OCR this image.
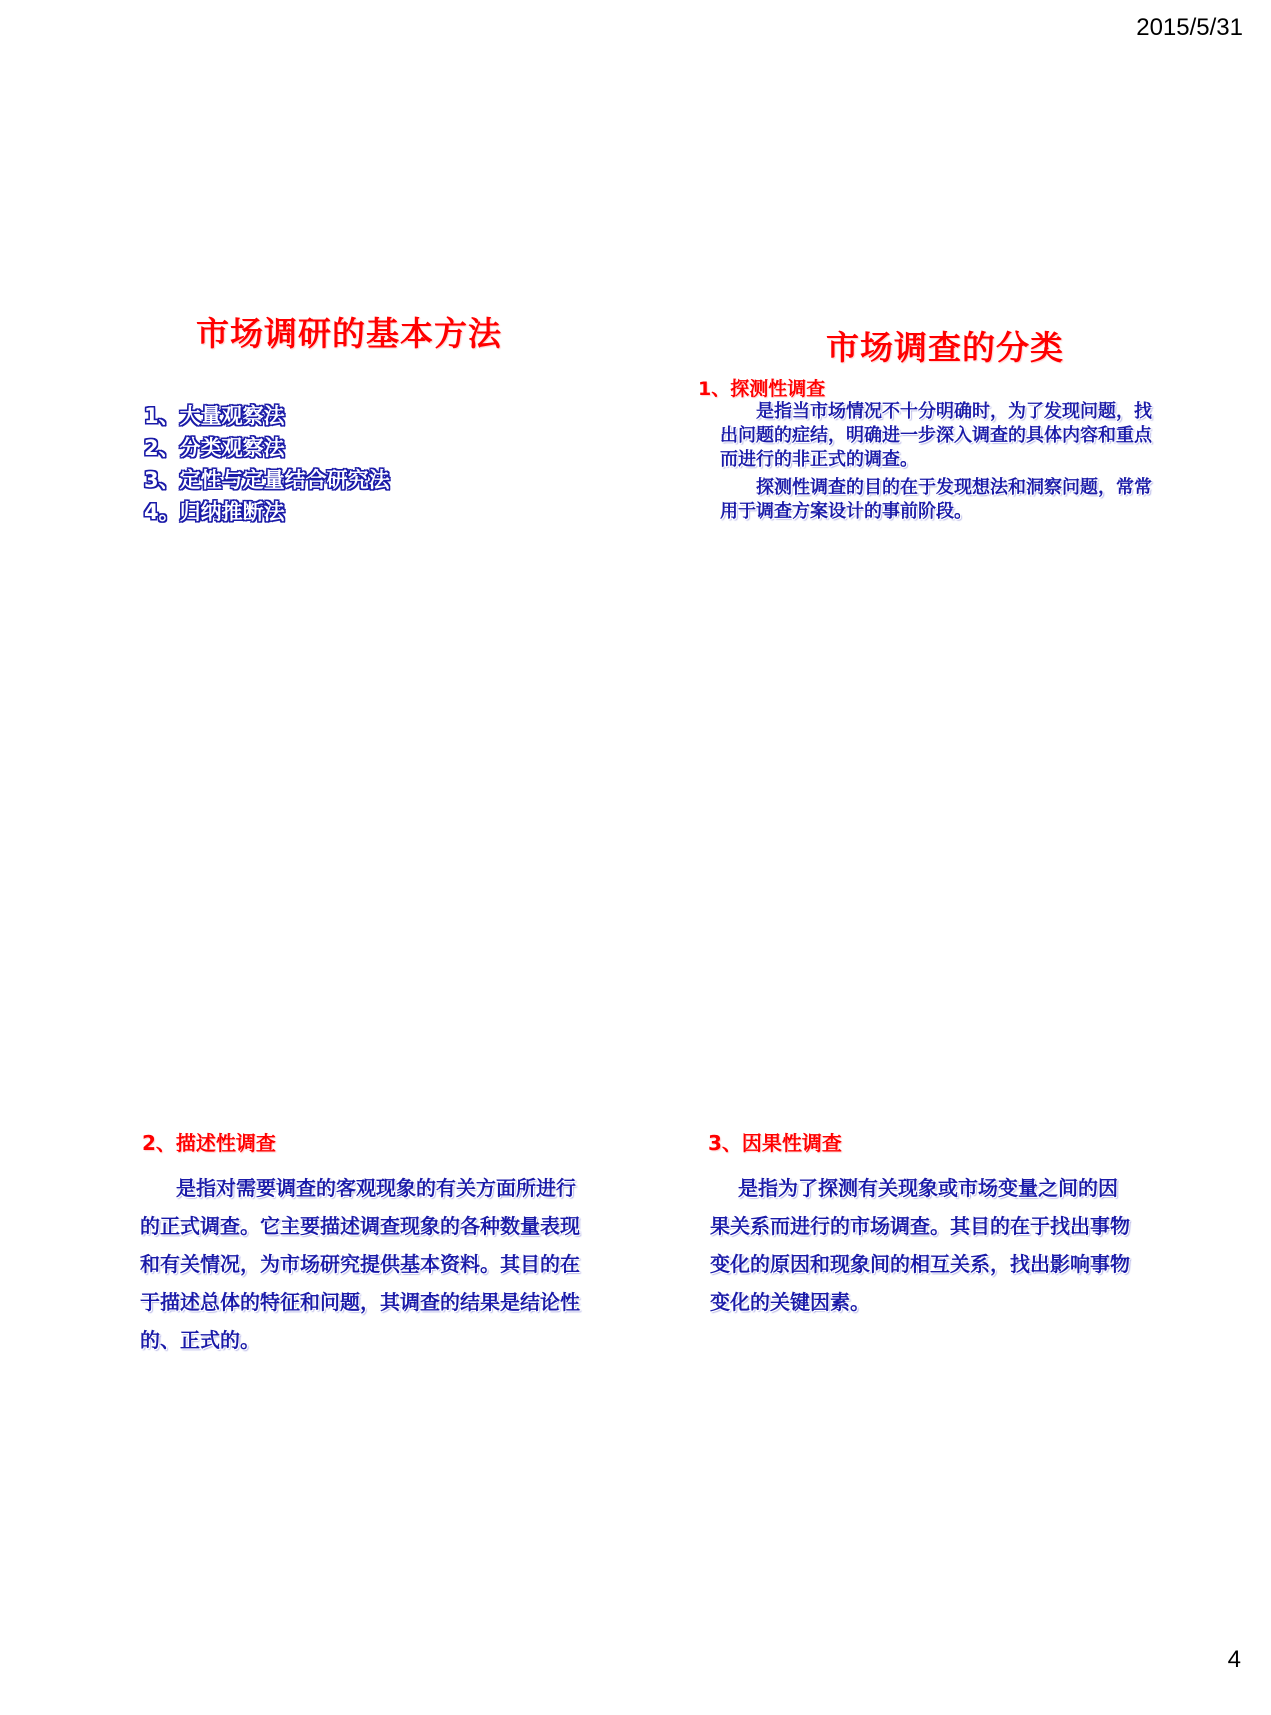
2015/5/31
市场调研的基本方法
1、大量观察法
2、分类观察法
3、定性与定量结合研究法
4。归纳推断法
市场调查的分类
1、探测性调查

是指当市场情况不十分明确时，为了发现问题，找出问题的症结，明确进一步深入调查的具体内容和重点而进行的非正式的调查。

探测性调查的目的在于发现想法和洞察问题，常常用于调查方案设计的事前阶段。

2、描述性调查

是指对需要调查的客观现象的有关方面所进行的正式调查。它主要描述调查现象的各种数量表现和有关情况，为市场研究提供基本资料。其目的在于描述总体的特征和问题，其调查的结果是结论性的、正式的。

3、因果性调查

是指为了探测有关现象或市场变量之间的因果关系而进行的市场调查。其目的在于找出事物变化的原因和现象间的相互关系，找出影响事物变化的关键因素。

4
